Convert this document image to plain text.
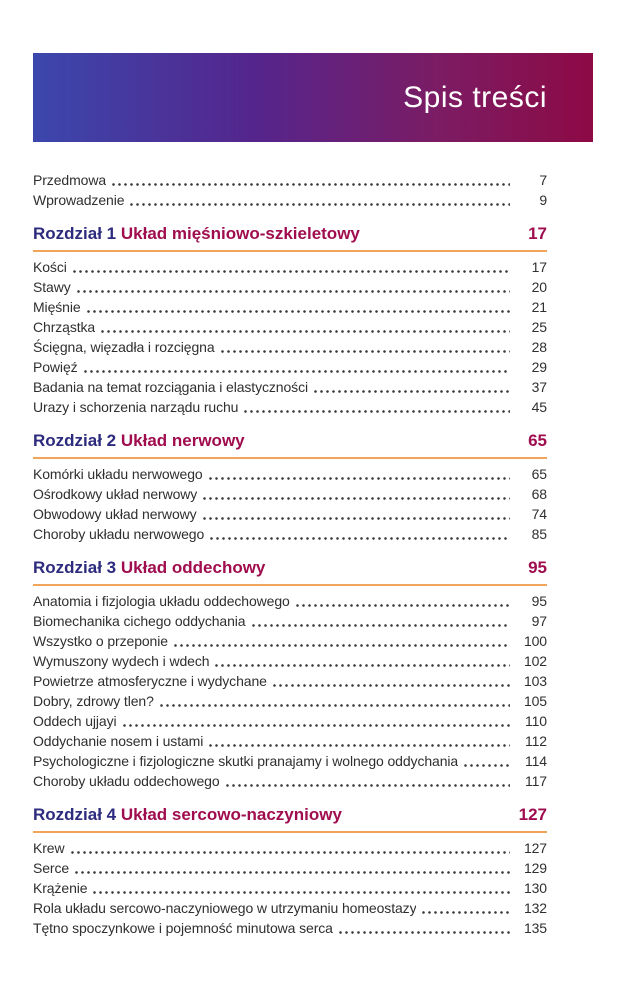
Spis treści
Przedmowa	7
Wprowadzenie	9
Rozdział 1 Układ mięśniowo-szkieletowy	17
Kości	17
Stawy	20
Mięśnie	21
Chrząstka	25
Ścięgna, więzadła i rozcięgna	28
Powięź	29
Badania na temat rozciągania i elastyczności	37
Urazy i schorzenia narządu ruchu	45
Rozdział 2 Układ nerwowy	65
Komórki układu nerwowego	65
Ośrodkowy układ nerwowy	68
Obwodowy układ nerwowy	74
Choroby układu nerwowego	85
Rozdział 3 Układ oddechowy	95
Anatomia i fizjologia układu oddechowego	95
Biomechanika cichego oddychania	97
Wszystko o przeponie	100
Wymuszony wydech i wdech	102
Powietrze atmosferyczne i wydychane	103
Dobry, zdrowy tlen?	105
Oddech ujjayi	110
Oddychanie nosem i ustami	112
Psychologiczne i fizjologiczne skutki pranajamy i wolnego oddychania	114
Choroby układu oddechowego	117
Rozdział 4 Układ sercowo-naczyniowy	127
Krew	127
Serce	129
Krążenie	130
Rola układu sercowo-naczyniowego w utrzymaniu homeostazy	132
Tętno spoczynkowe i pojemność minutowa serca	135
